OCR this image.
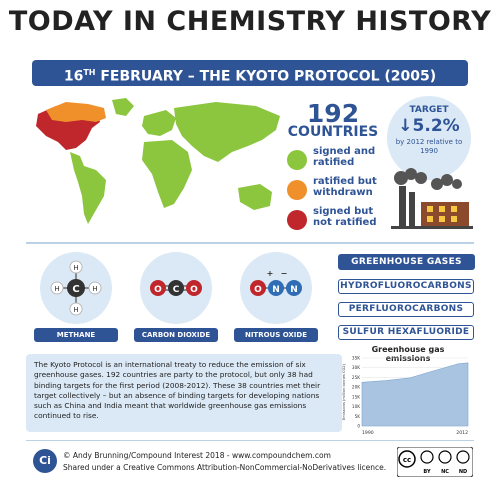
TODAY IN CHEMISTRY HISTORY
16TH FEBRUARY – THE KYOTO PROTOCOL (2005)
192
COUNTRIES
TARGET
↓5.2%
by 2012 relative to 1990
signed and ratified
ratified but withdrawn
signed but not ratified
C
H
H	H
H
METHANE
O C O
CARBON DIOXIDE
O N N
+ −
NITROUS OXIDE
GREENHOUSE GASES
HYDROFLUOROCARBONS
PERFLUOROCARBONS
SULFUR HEXAFLUORIDE
The Kyoto Protocol is an international treaty to reduce the emission of six greenhouse gases. 192 countries are party to the protocol, but only 38 had binding targets for the first period (2008-2012). These 38 countries met their target collectively – but an absence of binding targets for developing nations such as China and India meant that worldwide greenhouse gas emissions continued to rise.
Greenhouse gas emissions
Emissions (million tonnes CO2)
35K
30K
25K
20K
15K
10K
5K
0
1990	2012
Ci	© Andy Brunning/Compound Interest 2018 - www.compoundchem.com
Shared under a Creative Commons Attribution-NonCommercial-NoDerivatives licence.
cc
BY NC ND
